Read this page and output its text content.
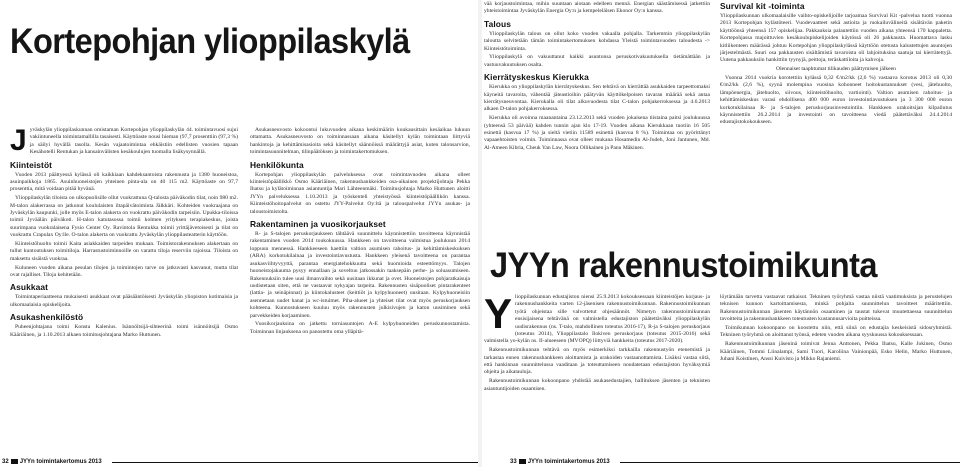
Kortepohjan ylioppilaskylä

Jyväskylän ylioppilaskunnan omistaman Kortepohjan ylioppilaskylän 44. toimintavuosi sujui vakiintuneella toimintamallilla tasaisesti. Käyttöaste nousi hieman (97,7 prosenttiin (97,3 %) ja säilyi hyvällä tasolla. Kesän vajaatoimintaa ehkäistiin edellisten vuosien tapaan Kesähotelli Rentukan ja kansainvälisten kesäkoulujen tuomalla lisäkysynnällä.

Kiinteistöt

Vuoden 2013 päättyessä kylässä oli kaikkiaan kahdeksantoista rakennusta ja 1380 huoneistoa, asuinpaikkoja 1865. Asuinhuoneistojen yhteinen pinta-ala on 40 115 m2. Käyttöaste on 97,7 prosenttia, mitä voidaan pitää hyvänä.

Ylioppilaskylän tiloista on ulkopuolisille ollut vuokrattuna Q-talosta päiväkodin tilat, noin 980 m2. M-talon alakerrassa on jatkunut koululaisten iltapäivätoiminta Jälkkäri. Kohteiden vuokraajana on Jyväskylän kaupunki, jolle myös E-talon alakerta on vuokrattu päiväkodin tarpeisiin. Upukka-tiloissa toimii Jyväälän päiväkoti. H-talon katutasossa toimii kolmen yrityksen terapiakeskus, joista suurimpana vuokralaisena Fysio Center Oy. Ravintola Rentukka toimii yrittäjävetoisesti ja tilat on vuokrattu Crapulax Oy:lle. O-talon alakerta on vuokrattu Jyväskylän ylioppilasteatterin käyttöön.

Kiinteistöhuolto toimii Kaita asiakkaiden tarpeiden mukaan. Toimistorakennuksen alakertaan on tullut kuntoutuksen toimitiloja. Harrastustoiminnoille on varattu tiloja reserviin rajoissa. Tiloista on maksettu sisäistä vuokraa.

Kuluneen vuoden aikana pesulan tilojen ja toimintojen tarve on jatkuvasti kasvanut, mutta tilat ovat rajalliset. Tiloja kehitetään.

Asukkaat

Toimintaperiaatteena mukaisesti asukkaat ovat pääsääntöisesti Jyväskylän yliopiston kotimaisia ja ulkomaalaisia opiskelijoita.

Asukashenkilöstö

Puheenjohtajana toimi Konsta Kalenius. Isännöitsijä-sihteerinä toimi isännöitsijä Osmo Kääriäinen, ja 1.10.2013 alkaen toimitusjohtajana Marko Huttunen.

Asukasneuvosto kokoontui lukuvuoden aikana keskimäärin kuukausittain kesäaikaa lukuun ottamatta. Asukasneuvosto on toiminnassaan aikana käsitellyt kylän toimintaan liittyviä hankintoja ja kehittämisasioita sekä käsitellyt säännöissä määrättyjä asiat, kuten talonsarvion, toimintasuunnitelman, tilinpäätöksen ja toimintakertomuksen.

Henkilökunta

Kortepohjan ylioppilaskylän palveluksessa ovat toimintavuoden aikana olleet kiinteistöpäällikkö Osmo Kääriäinen, rakennushankkeiden osa-aikainen projektijohtaja Pekka Ihatsu ja kylätoiminnan asiantuntija Mari Lähteenmäki. Toimitusjohtaja Marko Huttunen aloitti JYYn palveluksessa 1.10.2013 ja työskenteli yhteistyössä kiinteistöpäällikön kanssa. Kiinteistöhoitopalvelut on ostettu JYY-Palvelut Oy:ltä ja talouspalvelut JYYn asukas- ja taloustoimistolta.

Rakentaminen ja vuosikorjaukset

R- ja S-talojen peruskorjaukseen tähtäävä suunnittelu käynnistettiin tavoitteena käynnistää rakentaminen vuoden 2014 toukokuussa. Hankkeen on tavoitteena valmistua joulukuun 2014 loppuun mennessä. Hankkeeseen haettiin valtion asumisen rahoitus- ja kehittämiskeskuksen (ARA) korkotukilainaa ja investointiavustusta. Hankkeen yleisenä tavoitteena on parantaa asukasviihtyvyyttä, parantaa energiatehokkuutta sekä huomioida esteettömyys. Talojen huoneistojakauma pysyy ennallaan ja soveltuu jatkossakin taaksepäin perhe- ja soluasumiseen. Rakennuksiin tulee uusi ilmanvaihto sekä uusitaan ikkunat ja ovet. Huoneistojen pohjaratkaisuja uudistetaan siten, että ne vastaavat nykyajan tarpeita. Rakennusten sisäpuoliset pintarakenteet (lattia- ja seinäpinnat) ja kiintokalusteet (keittiöt ja kylpyhuoneet) uusitaan. Kylpyhuoneisiin asennetaan uudet hanat ja wc-istuimet. Piha-alueet ja yhteiset tilat ovat myös peruskorjauksen kohteena. Kunnostukseen kuuluu myös rakennusten julkisivujen ja katon uusiminen sekä parvekkeiden korjaaminen.

Vuosikorjauksina on jatkettu torniasuntojen A-E kylpyhuoneiden peruskunnostamista. Toiminnan linjauksena on panostettu oma ylläpitä-

vää korjaustoimintaa, mihin suuntaan aiotaan edelleen mennä. Energian säästämisessä jatkettiin yhteistoimintaa Jyväskylän Energia Oy:n ja kempeleläisen Ekonor Oy:n kanssa.

Talous

Ylioppilaskylän talous on ollut koko vuoden vakaalla pohjalla. Tarkemmin ylioppilaskylän taloutta selvitetään tämän toimintakertomuksen kohdassa Yleistä toimintavuoden taloudesta -> Kiinteistötoiminta.

Ylioppilaskylä on vakuuttanut kaikki asuntonsa peruskotivakuutuksella tietämättään ja vastuuvakuutuksen osalta.

Kierrätyskeskus Kierukka

Kierukka on ylioppilaskylän kierrätyskeskus. Sen tehtävä on kierrättää asukkaiden tarpeettomaksi käyneitä tavaroita, vähentää jäteastioihin päätyvän käyttökelpoisen tavaran määrää sekä antaa kierrätysneuvontaa. Kierukalla oli tilat alkuvuodesta tilat C-talon pohjakerroksessa ja 4.6.2013 alkaen D-talon pohjakerroksessa.

Kierukka oli avoinna maanantaina 23.12.2013 sekä vuoden jokaisena tiistaina paitsi joulukuussa (yhteensä 53 päivää) kahden tunnin ajan klo 17-19. Vuoden aikana Kierukkaan tuotiin 16 505 esinettä (kasvua 17 %) ja sieltä vietiin 11589 esinettä (kasvua 8 %). Toimintaa on pyörittänyt vapaaehtoisten voimin. Toiminnassa ovat olleet mukana Hosamedin Al-Judeh, Joni Jantunen, Md. Al-Ameen Kibria, Cheuk Yan Law, Noora Ollikainen ja Panu Mäkinen.

Survival kit -toiminta

Ylioppilaskunnan ulkomaalaisille vaihto-opiskelijoille tarjoamaa Survival Kit -palvelua tuotti vuonna 2013 Kortepohjan kylästöteeri. Vuodevaatteet sekä astioita ja ruokailuvälineitä sisältävän paketin käyttöönsä yhteensä 157 opiskelijaa. Pakkauksia palautettiin vuoden aikana yhteensä 170 kappaletta. Kortepohjassa majoittuvien kesäkoulupiskelijoiden käytössä oli 26 pakkausta. Huomattava lasku kitliikenteen määrässä johtuu Kortepohjan ylioppilaskylässä käyttöön otetusta kalustettujen asuntojen järjestelmästä. Suuri osa pakkausten sisältämistä tavaroista oli lahjoituksina saatuja tai kierrätettyjä. Uutena pakkauksiin hankittiin tyynyjä, peittoja, teräskattiloita ja kahvoja.

Olennaiset taaphtumat tilikauden päättymisen jälkeen

Vuonna 2014 vuokria korotettiin kylässä 0,32 €/m2/kk (2,6 %) vastaava korotus 2013 oli 0,30 €/m2/kk (2,6 %), syynä molempina vuosina kohonneet hoitokustannukset (vesi, jätehuolto, lämpöenergia, jätehuolto, siivous, kiinteistöhuolto, vartiointi). Valtion asumisen rahoitus- ja kehittämiskeskus varasi ehdollisena 400 000 euron investointiavustuksen ja 3 300 000 euron korkotukilainaa R- ja S-talojen peruskorjausinvestointiin. Hankkeen urakoitsijan kilpailutus käynnistettiin 26.2.2014 ja investointi on tavoitteena viedä päätettäväksi 24.4.2014 edustajistokokoukseen.

JYYn rakennustoimikunta

Ylioppilaskunnan edustajiston niensi 25.9.2013 kokouksessaan kiinteistöjen korjaus- ja rakennushankkeita varten 12-jäsenisen rakennustoimikunnan. Rakennustoimikunnan työtä ohjeistaa sille valvottetut ohjesäännöt. Nimetyn rakennustoimikunnan ensisijaisena tehtävänä on valmistella edustajiston päätettäväksi ylioppilaskylän uudisrakennus (ns. T-talo, mahdollinen toteutus 2016-17), R-ja S-talojen peruskorjaus (toteutus 2014), Ylioppilastalo Ilokiven peruskorjaus (toteutus 2015-2016) sekä valmistella yo-kylän ns. II-alueeseen (MVOPQ) liittyviä hankkeita (toteutus 2017-2020).

Rakennustoimikunnan tehtävä on myös esimerkiksi tarkkailla rakennustyön etenemistä ja tarkastaa ennen rakennushankkeen aloittamista ja urakoiden vastaanottamista. Lisäksi vastaa siitä, että hankinnan suunnittelussa vaaditaan ja toteuttamiseen noudatetaan edustajiston hyväksymiä ohjeita ja aikatauluja.

Rakennustoimikunnan kokoonpano yhdistää asukasedustajien, hallituksen jäsenten ja teknisten asiantuntijoiden osaamisen.

löytämään tarvetta vastaavat ratkaisut. Tekninen työryhmä vastaa niistä vaatimuksista ja perustelujen teknisen kunnon kartoittamisesta, minkä pohjalta suunnittelun tavoitteet määritettiin. Rakennustoimikunnan jäsenten käytännön osaaminen ja taustat tukevat muutettaessa suunnittelun tavoitteita ja rakennushankkeen toteutusten kustannusarvioita puitteissa.

Toimikunnan kokoonpano on koostettu niin, että siinä on edustajia keskeisistä sidosryhmistä. Tekninen työryhmä on aloittanut työnsä, edeten vuoden aikana syyskuussa kokouksessaan.

Rakennustoimikunnan jäseninä toimivat Jenna Anttonen, Pekka Ihatsu, Kalle Jokinen, Osmo Kääriäinen, Tommi Liinalampi, Sami Tuori, Karoliina Vainionpää, Esko Helin, Marko Huttunen, Juhani Koistinen, Anssi Kuivisto ja Mikko Rajaniemi.

32 JYYn toimintakertomus 2013	33 JYYn toimintakertomus 2013
